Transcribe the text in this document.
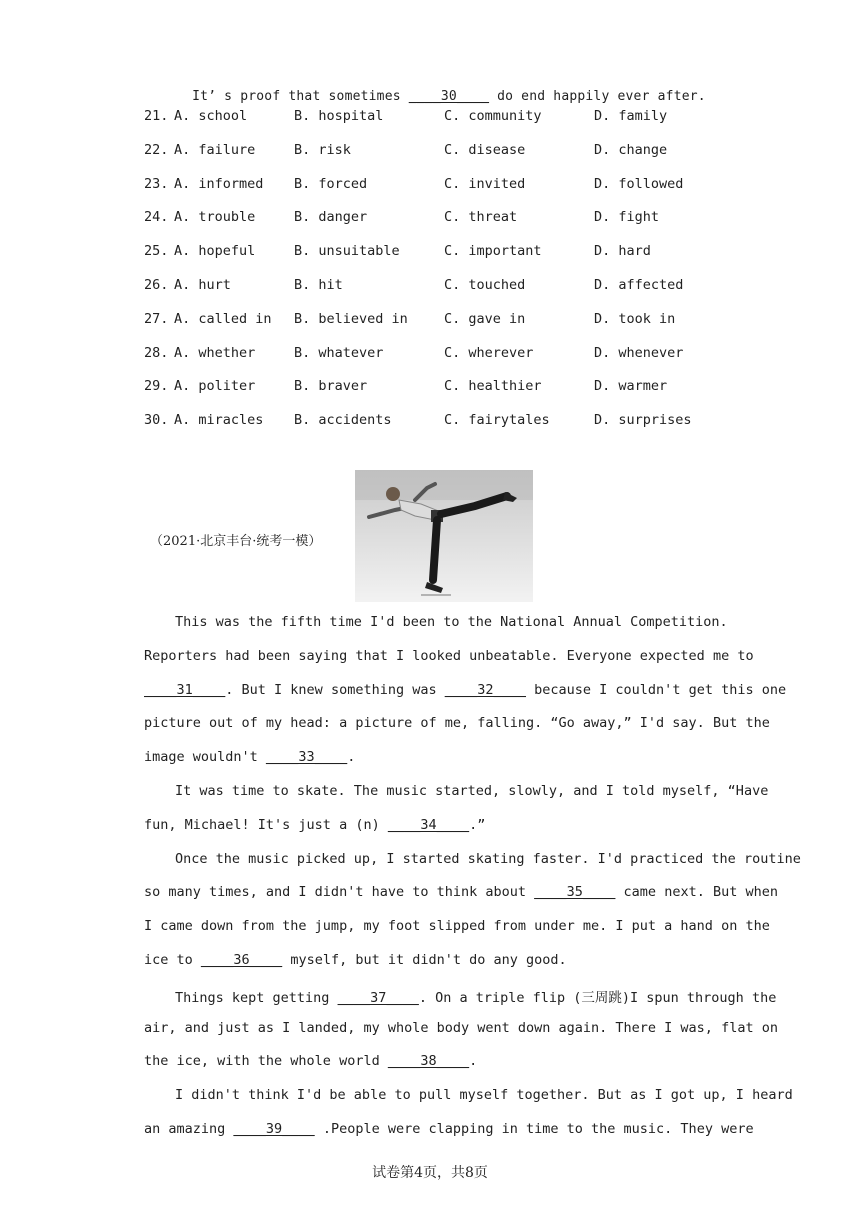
It’ s proof that sometimes ____30____ do end happily ever after.

21. A. school	B. hospital	C. community	D. family
22. A. failure	B. risk	C. disease	D. change
23. A. informed B. forced	C. invited	D. followed
24. A. trouble	B. danger	C. threat	D. fight
25. A. hopeful	B. unsuitable	C. important	D. hard
26. A. hurt	B. hit	C. touched	D. affected
27. A. called in B. believed in	C. gave in	D. took in
28. A. whether	B. whatever	C. wherever	D. whenever
29. A. politer	B. braver	C. healthier	D. warmer
30. A. miracles B. accidents	C. fairytales	D. surprises
（2021·北京丰台·统考一模）
This was the fifth time I'd been to the National Annual Competition.
Reporters had been saying that I looked unbeatable. Everyone expected me to
____31____. But I knew something was ____32____ because I couldn't get this one
picture out of my head: a picture of me, falling. “Go away,” I'd say. But the
image wouldn't ____33____.
It was time to skate. The music started, slowly, and I told myself, “Have
fun, Michael! It's just a (n) ____34____.”
Once the music picked up, I started skating faster. I'd practiced the routine
so many times, and I didn't have to think about ____35____ came next. But when
I came down from the jump, my foot slipped from under me. I put a hand on the
ice to ____36____ myself, but it didn't do any good.
Things kept getting ____37____. On a triple flip (三周跳)I spun through the
air, and just as I landed, my whole body went down again. There I was, flat on
the ice, with the whole world ____38____.
I didn't think I'd be able to pull myself together. But as I got up, I heard
an amazing ____39____ .People were clapping in time to the music. They were
试卷第4页，共8页
